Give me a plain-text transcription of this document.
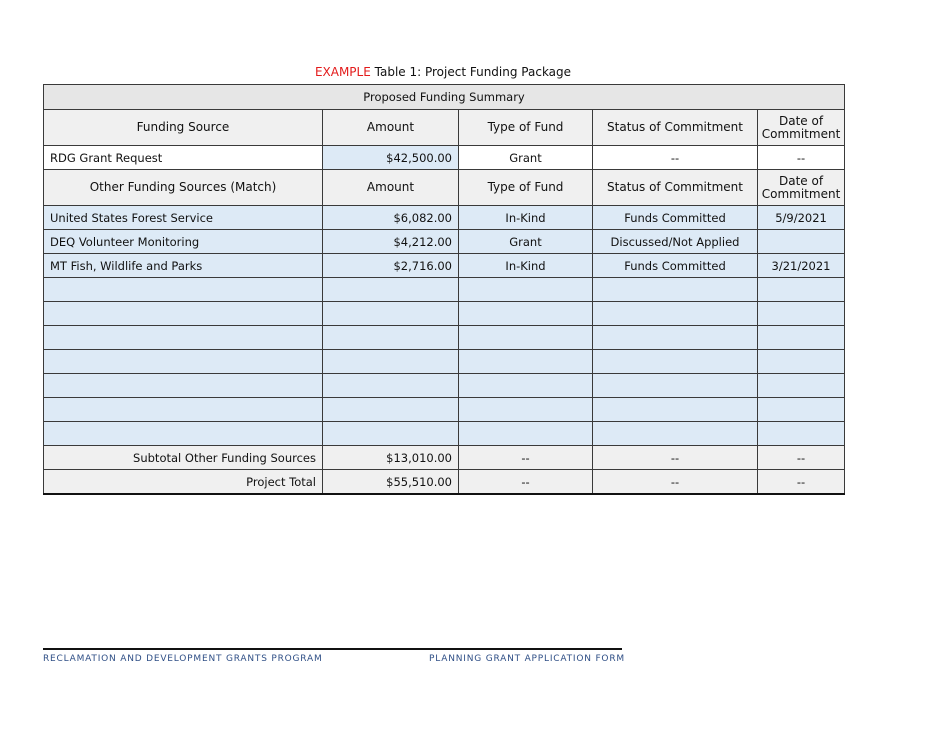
EXAMPLE Table 1: Project Funding Package
Proposed Funding Summary				
Funding Source	Amount	Type of Fund	Status of Commitment	Date of Commitment
RDG Grant Request	$42,500.00	Grant	--	--
Other Funding Sources (Match)	Amount	Type of Fund	Status of Commitment	Date of Commitment
United States Forest Service	$6,082.00	In-Kind	Funds Committed	5/9/2021
DEQ Volunteer Monitoring	$4,212.00	Grant	Discussed/Not Applied	
MT Fish, Wildlife and Parks	$2,716.00	In-Kind	Funds Committed	3/21/2021

Subtotal Other Funding Sources	$13,010.00	--	--	--
Project Total	$55,510.00	--	--	--
RECLAMATION AND DEVELOPMENT GRANTS PROGRAM	PLANNING GRANT APPLICATION FORM
